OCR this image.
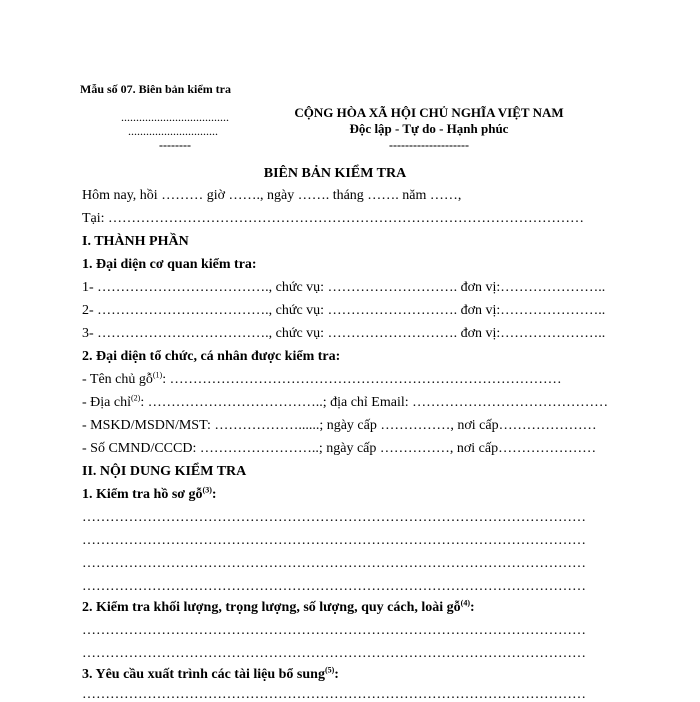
Mẫu số 07. Biên bản kiểm tra
....................................
..............................
--------
CỘNG HÒA XÃ HỘI CHỦ NGHĨA VIỆT NAM
Độc lập - Tự do - Hạnh phúc
--------------------
BIÊN BẢN KIỂM TRA
Hôm nay, hồi ……… giờ ……., ngày ……. tháng ……. năm ……,
Tại: …………………………………………………………………………………………
I. THÀNH PHẦN
1. Đại diện cơ quan kiểm tra:
1- ………………………………., chức vụ: ………………………. đơn vị:…………………..
2- ………………………………., chức vụ: ………………………. đơn vị:…………………..
3- ………………………………., chức vụ: ………………………. đơn vị:…………………..
2. Đại diện tổ chức, cá nhân được kiểm tra:
- Tên chủ gỗ$^{(1)}$: …………………………………………………………………………
- Địa chỉ$^{(2)}$: ………………………………..; địa chỉ Email: ……………………………………
- MSKD/MSDN/MST: ………………......; ngày cấp ……………, nơi cấp…………………
- Số CMND/CCCD: ……………………..; ngày cấp ……………, nơi cấp…………………
II. NỘI DUNG KIỂM TRA
1. Kiểm tra hồ sơ gỗ$^{(3)}$:
………………………………………………………………………………………………
………………………………………………………………………………………………
………………………………………………………………………………………………
………………………………………………………………………………………………
2. Kiểm tra khối lượng, trọng lượng, số lượng, quy cách, loài gỗ$^{(4)}$:
………………………………………………………………………………………………
………………………………………………………………………………………………
3. Yêu cầu xuất trình các tài liệu bổ sung$^{(5)}$:
………………………………………………………………………………………………
